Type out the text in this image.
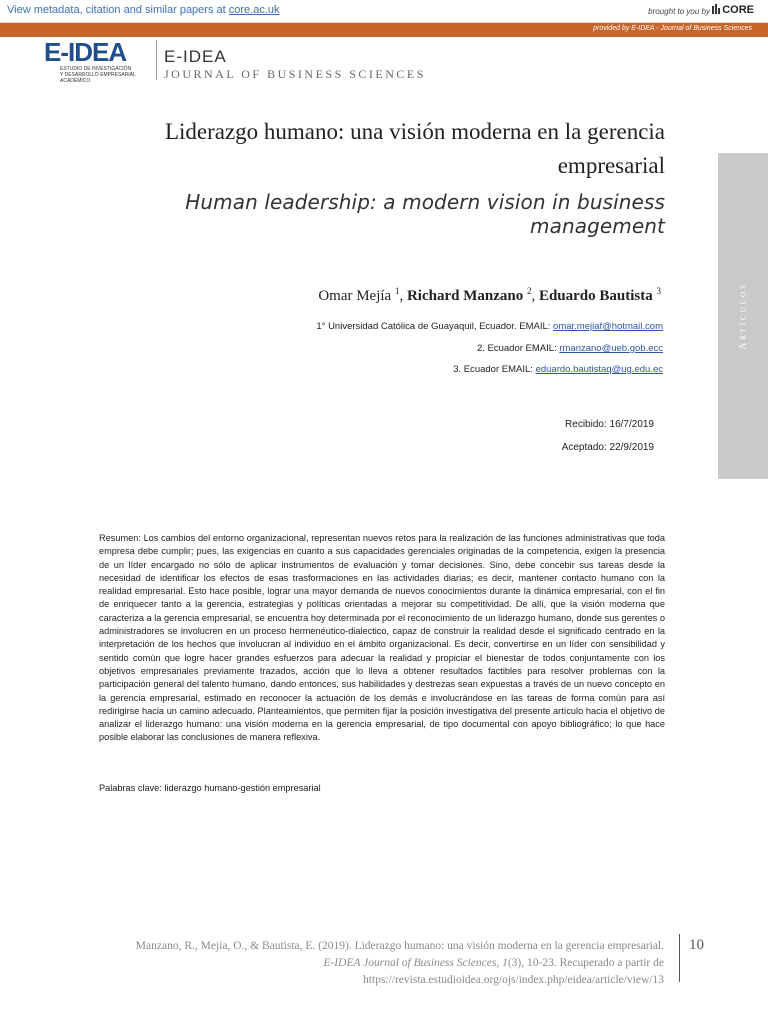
View metadata, citation and similar papers at core.ac.uk	brought to you by	CORE
provided by E-IDEA - Journal of Business Sciences
E-IDEA
ESTUDIO DE INVESTIGACIÓN
Y DESARROLLO EMPRESARIAL ACADÉMICO
E-IDEA
JOURNAL OF BUSINESS SCIENCES
Artículos
Liderazgo humano: una visión moderna en la gerencia empresarial
Human leadership: a modern vision in business management
Omar Mejía $^1$, Richard Manzano $^2$, Eduardo Bautista $^3$
1° Universidad Católica de Guayaquil, Ecuador. EMAIL: omar.mejiaf@hotmail.com
2. Ecuador EMAIL: rmanzano@ueb.gob.ecc
3. Ecuador EMAIL: eduardo.bautistaq@ug.edu.ec
Recibido: 16/7/2019
Aceptado: 22/9/2019
Resumen: Los cambios del entorno organizacional, representan nuevos retos para la realización de las funciones administrativas que toda empresa debe cumplir; pues, las exigencias en cuanto a sus capacidades gerenciales originadas de la competencia, exigen la presencia de un líder encargado no sólo de aplicar instrumentos de evaluación y tomar decisiones. Sino, debe concebir sus tareas desde la necesidad de identificar los efectos de esas trasformaciones en las actividades diarias; es decir, mantener contacto humano con la realidad empresarial. Esto hace posible, lograr una mayor demanda de nuevos conocimientos durante la dinámica empresarial, con el fin de enriquecer tanto a la gerencia, estrategias y políticas orientadas a mejorar su competitividad. De allí, que la visión moderna que caracteriza a la gerencia empresarial, se encuentra hoy determinada por el reconocimiento de un liderazgo humano, donde sus gerentes o administradores se involucren en un proceso hermenéutico-dialectico, capaz de construir la realidad desde el significado centrado en la interpretación de los hechos que involucran al individuo en el ámbito organizacional. Es decir, convertirse en un líder con sensibilidad y sentido común que logre hacer grandes esfuerzos para adecuar la realidad y propiciar el bienestar de todos conjuntamente con los objetivos empresariales previamente trazados, acción que lo lleva a obtener resultados factibles para resolver problemas con la participación general del talento humano, dando entonces, sus habilidades y destrezas sean expuestas a través de un nuevo concepto en la gerencia empresarial, estimado en reconocer la actuación de los demás e involucrándose en las tareas de forma común para así redirigirse hacia un camino adecuado. Planteamientos, que permiten fijar la posición investigativa del presente artículo hacia el objetivo de analizar el liderazgo humano: una visión moderna en la gerencia empresarial, de tipo documental con apoyo bibliográfico; lo que hace posible elaborar las conclusiones de manera reflexiva.
Palabras clave: liderazgo humano-gestión empresarial
Manzano, R., Mejia, O., & Bautista, E. (2019). Liderazgo humano: una visión moderna en la gerencia empresarial.
E-IDEA Journal of Business Sciences, 1(3), 10-23. Recuperado a partir de
https://revista.estudioidea.org/ojs/index.php/eidea/article/view/13
10
